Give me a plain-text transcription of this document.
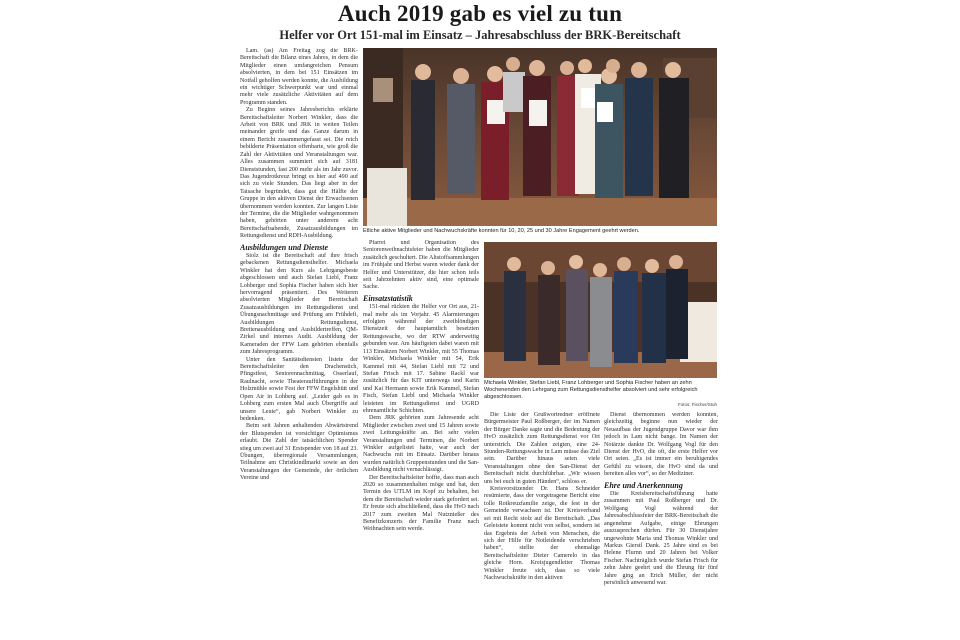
Auch 2019 gab es viel zu tun
Helfer vor Ort 151-mal im Einsatz – Jahresabschluss der BRK-Bereitschaft

Lam. (as) Am Freitag zog die BRK-Bereitschaft die Bilanz eines Jahres, in dem die Mitglieder einen umfangreichen Pensum absolvierten, in dem bei 151 Einsätzen im Notfall geholfen werden konnte, die Ausbildung ein wichtiger Schwerpunkt war und einmal mehr viele zusätzliche Aktivitäten auf dem Programm standen.

Zu Beginn seines Jahresberichts erklärte Bereitschaftsleiter Norbert Winkler, dass die Arbeit von BRK und JRK in weiten Teilen meinander greife und das Ganze darum in einem Bericht zusammengefasst sei. Die reich bebilderte Präsentation offenbarte, wie groß die Zahl der Aktivitäten und Veranstaltungen war. Alles zusammen summiert sich auf 3181 Dienststunden, fast 200 mehr als im Jahr zuvor. Das Jugendrotkreuz bringt es hier auf 490 auf sich zu viele Stunden. Das liegt aber in der Tatsache begründet, dass gut die Hälfte der Gruppe in den aktiven Dienst der Erwachsenen übernommen werden konnten. Zur langen Liste der Termine, die die Mitglieder wahrgenommen haben, gehörten unter anderem acht Bereitschaftsabende, Zusatzausbildungen im Rettungsdienst und RDH-Ausbildung.

Ausbildungen und Dienste

Stolz ist die Bereitschaft auf ihre frisch gebackenen Rettungsdiensthelfer. Michaela Winkler hat den Kurs als Lehrgangsbeste abgeschlossen und auch Stefan Liebl, Franz Lohberger und Sophia Fischer haben sich hier hervorragend präsentiert. Des Weiteren absolvierten Mitglieder der Bereitschaft Zusatzausbildungen im Rettungsdienst und Übungsnachmittage und Prüfung am Frühdefi, Ausbildungen Rettungsdienst, Breitenausbildung und Ausbildertreffen, QM-Zirkel und internes Audit. Ausbildung der Kameraden der FFW Lam gehörten ebenfalls zum Jahresprogramm.

Unter den Sanitätsdiensten listete der Bereitschaftsleiter den Drachenstich, Pfingstfest, Seniorennachmittag, Osserlauf, Raulnacht, sowie Theateraufführungen in der Holzmühle sowie Fest der FFW Engelshütt und Open Air in Lohberg auf. „Leider gab es in Lohberg zum ersten Mal auch Übergriffe auf unsere Leute“, gab Norbert Winkler zu bedenken.

Beim seit Jahren anhaltenden Abwärtstrend der Blutspenden ist vorsichtiger Optimismus erlaubt. Die Zahl der tatsächlichen Spender stieg um zwei auf 31 Erstspender von 18 auf 23. Übungen, überregionale Versammlungen, Teilnahme am Christkindlmarkt sowie an den Veranstaltungen der Gemeinde, der örtlichen Vereine und

Etliche aktive Mitglieder und Nachwuchskräfte konnten für 10, 20, 25 und 30 Jahre Engagement geehrt werden.

Pfarrei und Organisation des Seniorenweihnachtsfeier haben die Mitglieder zusätzlich geschultert. Die Altstoffsammlungen im Frühjahr und Herbst waren wieder dank der Helfer und Unterstützer, die hier schon teils seit Jahrzehnten aktiv sind, eine optimale Sache.

Einsatzstatistik

151-mal rückten die Helfer vor Ort aus, 21-mal mehr als im Vorjahr. 45 Alarmierungen erfolgten während der zweiblöndigen Dienstzeit der hauptamtlich besetzten Rettungswache, wo der RTW anderweitig gebunden war. Am häufigsten dabei waren mit 113 Einsätzen Norbert Winkler, mit 55 Thomas Winkler, Michaela Winkler mit 54, Erik Kammel mit 44, Stefan Liebl mit 72 und Stefan Frisch mit 17. Sabine Rackl war zusätzlich für das KIT unterwegs und Karin und Kai Hermann sowie Erik Kammel, Stefan Fisch, Stefan Liebl und Michaela Winkler leisteten im Rettungsdienst und UGRD ehrenamtliche Schichten.

Dem JRK gehörten zum Jahresende acht Mitglieder zwischen zwei und 15 Jahren sowie zwei Leitungskräfte an. Bei sehr vielen Veranstaltungen und Terminen, die Norbert Winkler aufgelistet hatte, war auch der Nachwuchs mit im Einsatz. Darüber hinaus wurden natürlich Gruppenstunden und die San-Ausbildung nicht vernachlässigt.

Der Bereitschaftsleiter hoffte, dass man auch 2020 so zusammenhalten möge und bat, den Termin des UTLM im Kopf zu behalten, bei dem die Bereitschaft wieder stark gefordert sei. Er freute sich abschließend, dass die HvO nach 2017 zum zweiten Mal Nutznießer des Benefizkonzerts der Familie Franz nach Weihnachten sein werde.

Michaela Winkler, Stefan Liebl, Franz Lohberger und Sophia Fischer haben an zehn Wochenenden den Lehrgang zum Rettungsdiensthelfer absolviert und sehr erfolgreich abgeschlossen.
Fotos: Fischer/Stuh

Die Liste der Grußwortredner eröffnete Bürgermeister Paul Roßberger, der im Namen der Bürger Danke sagte und die Bedeutung der HvO zusätzlich zum Rettungsdienst vor Ort unterstrich. Die Zahlen zeigten, eine 24-Stunden-Rettungswache in Lam müsse das Ziel sein. Darüber hinaus seien viele Veranstaltungen ohne den San-Dienst der Bereitschaft nicht durchführbar. „Wir wissen uns bei euch in guten Händen“, schloss er.

Kreisvorsitzender Dr. Hans Schneider resümierte, dass der vorgetragene Bericht eine tolle Rotkreuzfamilie zeige, die fest in der Gemeinde verwachsen ist. Der Kreisverband sei mit Recht stolz auf die Bereitschaft. „Das Geleistete kommt nicht von selbst, sondern ist das Ergebnis der Arbeit von Menschen, die sich der Hilfe für Notleidende verschrieben haben“, stellte der ehemalige Bereitschaftsleiter Dieter Camerelo in das gleiche Horn. Kreisjugendleiter Thomas Winkler freute sich, dass so viele Nachwuchskräfte in den aktiven

Dienst übernommen werden konnten, gleichzeitig beginne nun wieder der Neuaufbau der Jugendgruppe Davor war ihm jedoch in Lam nicht bange. Im Namen der Notärzte dankte Dr. Wolfgang Vogl für den Dienst der HvO, die oft, die erste Helfer vor Ort seien. „Es ist immer ein beruhigendes Gefühl zu wissen, die HvO sind da und bereiten alles vor“, so der Mediziner.

Ehre und Anerkennung

Die Kreisbereitschaftsführung hatte zusammen mit Paul Roßberger und Dr. Wolfgang Vogl während der Jahresabschlussfeier der BRK-Bereitschaft die angenehme Aufgabe, einige Ehrungen auszusprechen dürfen. Für 30 Dienstjahre ungewohnte Maria und Thomas Winkler und Markus Gierstl Dank. 25 Jahre sind es bei Helene Flurnn und 20 Jahren bei Volker Fischer. Nachträglich wurde Stefan Frisch für zehn Jahre geehrt und die Ehrung für fünf Jahre ging an Erich Müller, der nicht persönlich anwesend war.
